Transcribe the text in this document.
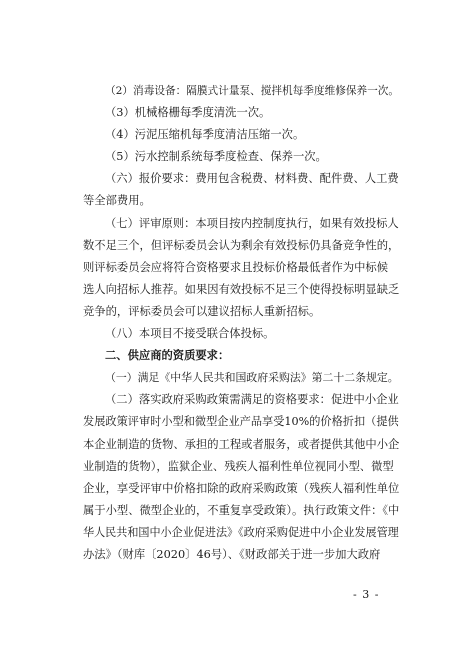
（2）消毒设备：隔膜式计量泵、搅拌机每季度维修保养一次。
（3）机械格栅每季度清洗一次。
（4）污泥压缩机每季度清洁压缩一次。
（5）污水控制系统每季度检查、保养一次。
（六）报价要求：费用包含税费、材料费、配件费、人工费
等全部费用。
（七）评审原则：本项目按内控制度执行，如果有效投标人
数不足三个，但评标委员会认为剩余有效投标仍具备竞争性的，
则评标委员会应将符合资格要求且投标价格最低者作为中标候
选人向招标人推荐。如果因有效投标不足三个使得投标明显缺乏
竞争的，评标委员会可以建议招标人重新招标。
（八）本项目不接受联合体投标。
二、供应商的资质要求：
（一）满足《中华人民共和国政府采购法》第二十二条规定。
（二）落实政府采购政策需满足的资格要求：促进中小企业
发展政策评审时小型和微型企业产品享受10%的价格折扣（提供
本企业制造的货物、承担的工程或者服务，或者提供其他中小企
业制造的货物），监狱企业、残疾人福利性单位视同小型、微型
企业，享受评审中价格扣除的政府采购政策（残疾人福利性单位
属于小型、微型企业的，不重复享受政策）。执行政策文件：《中
华人民共和国中小企业促进法》《政府采购促进中小企业发展管理
办法》（财库〔2020〕46号）、《财政部关于进一步加大政府
- 3 -
